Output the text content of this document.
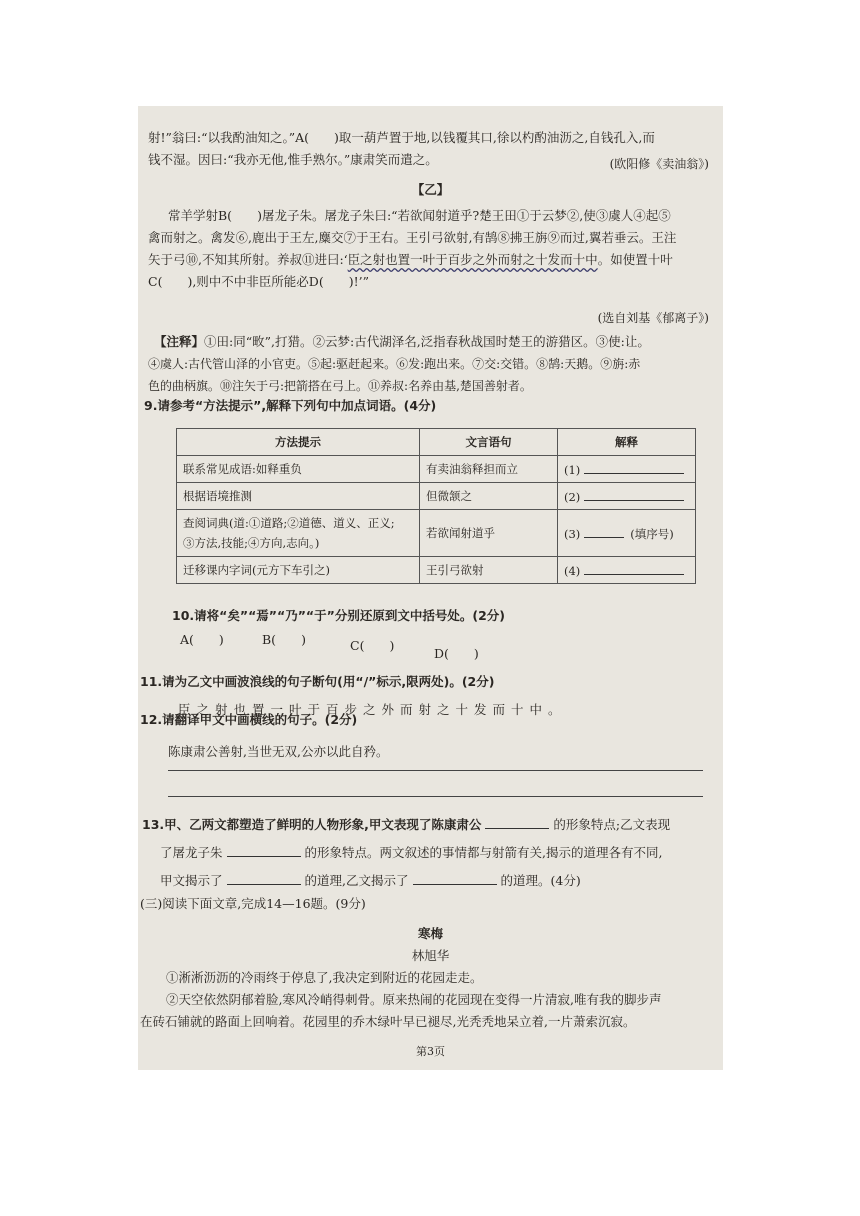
射!”翁曰:“以我酌油知之。”A(　　)取一葫芦置于地,以钱覆其口,徐以杓酌油沥之,自钱孔入,而
钱不湿。因曰:“我亦无他,惟手熟尔。”康肃笑而遣之。	(欧阳修《卖油翁》)
【乙】
常羊学射B(　　)屠龙子朱。屠龙子朱曰:“若欲闻射道乎?楚王田①于云梦②,使③虞人④起⑤
禽而射之。禽发⑥,鹿出于王左,麋交⑦于王右。王引弓欲射,有鹄⑧拂王旃⑨而过,翼若垂云。王注
矢于弓⑩,不知其所射。养叔⑪进曰:‘臣之射也置一叶于百步之外而射之十发而十中。如使置十叶
C(　　),则中不中非臣所能必D(　　)!’”
(选自刘基《郁离子》)
【注释】①田:同“畋”,打猎。②云梦:古代湖泽名,泛指春秋战国时楚王的游猎区。③使:让。
④虞人:古代管山泽的小官吏。⑤起:驱赶起来。⑥发:跑出来。⑦交:交错。⑧鹄:天鹅。⑨旃:赤
色的曲柄旗。⑩注矢于弓:把箭搭在弓上。⑪养叔:名养由基,楚国善射者。
9.请参考“方法提示”,解释下列句中加点词语。(4分)
方法提示	文言语句	解释
联系常见成语:如释重负	有卖油翁释担而立	(1)
根据语境推测	但微颔之	(2)
查阅词典(道:①道路;②道德、道义、正义;
③方法,技能;④方向,志向。)	若欲闻射道乎	(3) (填序号)
迁移课内字词(元方下车引之)	王引弓欲射	(4)
10.请将“矣”“焉”“乃”“于”分别还原到文中括号处。(2分)
A(　　)	B(　　)	C(　　)
D(　　)
11.请为乙文中画波浪线的句子断句(用“/”标示,限两处)。(2分)
臣之射也置一叶于百步之外而射之十发而十中。
12.请翻译甲文中画横线的句子。(2分)
陈康肃公善射,当世无双,公亦以此自矜。
13.甲、乙两文都塑造了鲜明的人物形象,甲文表现了陈康肃公	的形象特点;乙文表现
了屠龙子朱	的形象特点。两文叙述的事情都与射箭有关,揭示的道理各有不同,
甲文揭示了	的道理,乙文揭示了	的道理。(4分)
(三)阅读下面文章,完成14—16题。(9分)
寒梅
林旭华
①淅淅沥沥的冷雨终于停息了,我决定到附近的花园走走。
②天空依然阴郁着脸,寒风冷峭得刺骨。原来热闹的花园现在变得一片清寂,唯有我的脚步声
在砖石铺就的路面上回响着。花园里的乔木绿叶早已褪尽,光秃秃地呆立着,一片萧索沉寂。
第3页
